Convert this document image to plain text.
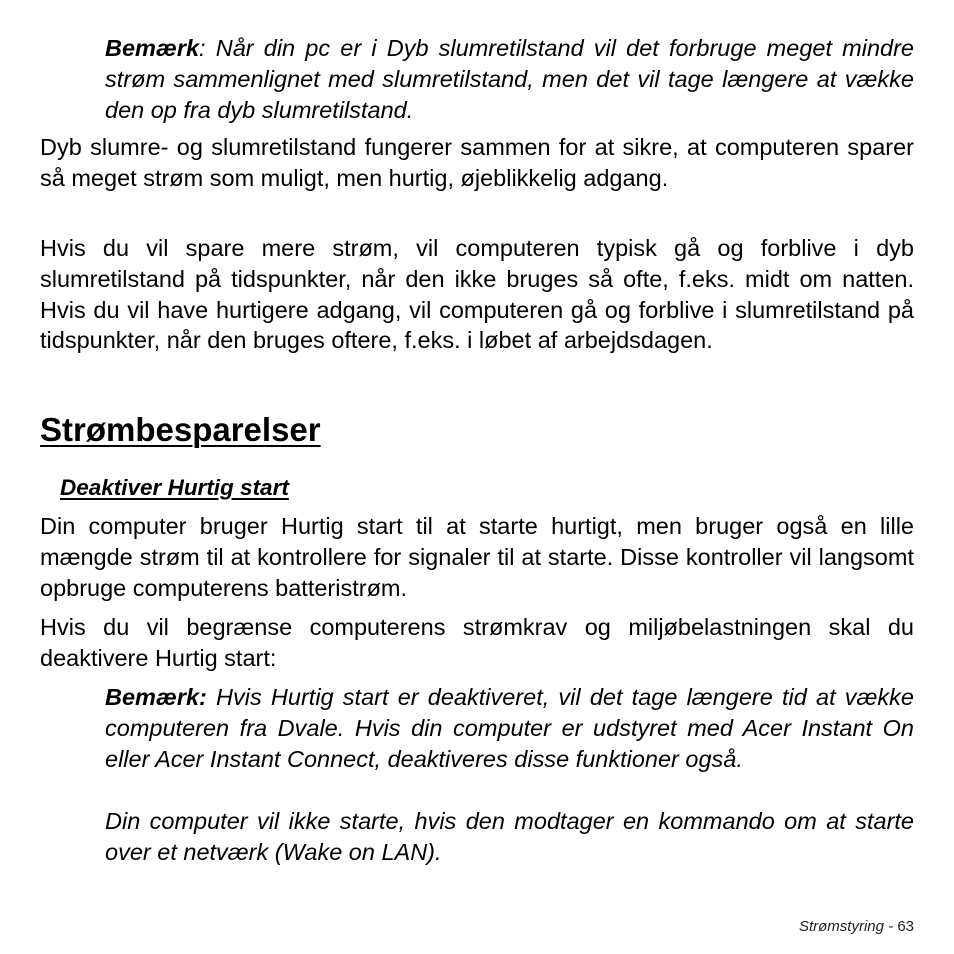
Bemærk: Når din pc er i Dyb slumretilstand vil det forbruge meget mindre strøm sammenlignet med slumretilstand, men det vil tage længere at vække den op fra dyb slumretilstand.

Dyb slumre- og slumretilstand fungerer sammen for at sikre, at computeren sparer så meget strøm som muligt, men hurtig, øjeblikkelig adgang.

Hvis du vil spare mere strøm, vil computeren typisk gå og forblive i dyb slumretilstand på tidspunkter, når den ikke bruges så ofte, f.eks. midt om natten. Hvis du vil have hurtigere adgang, vil computeren gå og forblive i slumretilstand på tidspunkter, når den bruges oftere, f.eks. i løbet af arbejdsdagen.

Strømbesparelser
Deaktiver Hurtig start

Din computer bruger Hurtig start til at starte hurtigt, men bruger også en lille mængde strøm til at kontrollere for signaler til at starte. Disse kontroller vil langsomt opbruge computerens batteristrøm.

Hvis du vil begrænse computerens strømkrav og miljøbelastningen skal du deaktivere Hurtig start:

Bemærk: Hvis Hurtig start er deaktiveret, vil det tage længere tid at vække computeren fra Dvale. Hvis din computer er udstyret med Acer Instant On eller Acer Instant Connect, deaktiveres disse funktioner også.

Din computer vil ikke starte, hvis den modtager en kommando om at starte over et netværk (Wake on LAN).

Strømstyring - 63
